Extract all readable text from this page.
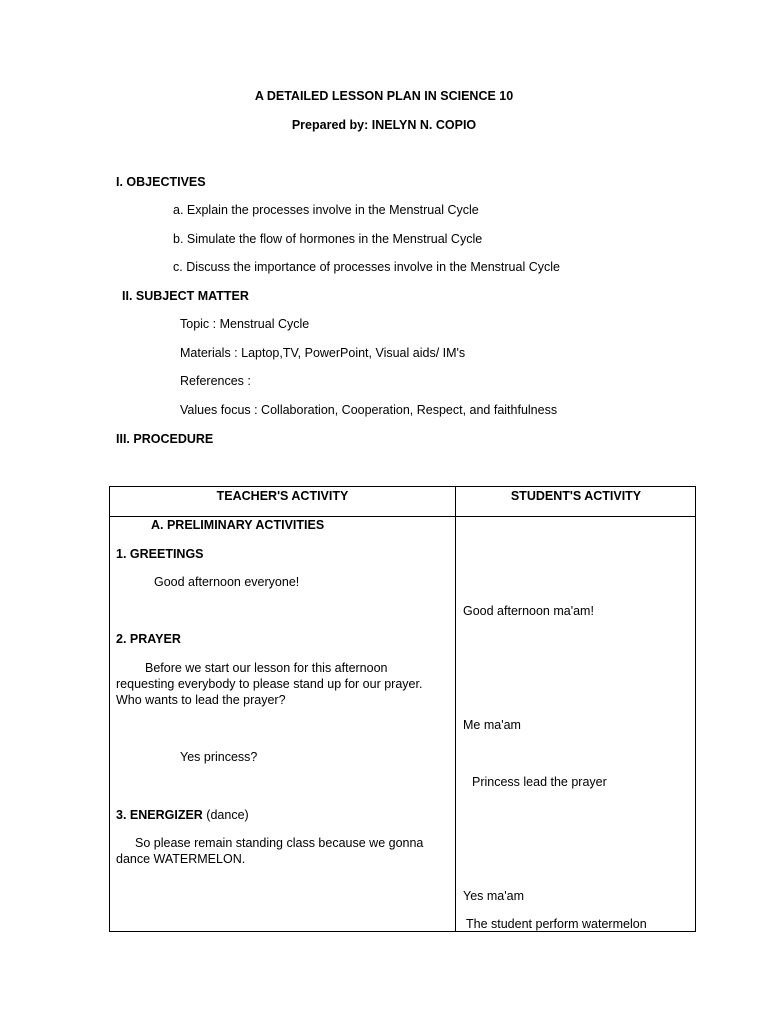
A DETAILED LESSON PLAN IN SCIENCE 10
Prepared by: INELYN N. COPIO
I. OBJECTIVES
a. Explain the processes involve in the Menstrual Cycle
b. Simulate the flow of hormones in the Menstrual Cycle
c. Discuss the importance of processes involve in the Menstrual Cycle
II. SUBJECT MATTER
Topic : Menstrual Cycle
Materials : Laptop,TV, PowerPoint, Visual aids/ IM's
References :
Values focus : Collaboration, Cooperation, Respect, and faithfulness
III. PROCEDURE
TEACHER'S ACTIVITY	STUDENT'S ACTIVITY
A. PRELIMINARY ACTIVITIES
1. GREETINGS
Good afternoon everyone!
Good afternoon ma'am!
2. PRAYER
Before we start our lesson for this afternoon requesting everybody to please stand up for our prayer. Who wants to lead the prayer?
Me ma'am
Yes princess?
Princess lead the prayer
3. ENERGIZER (dance)
So please remain standing class because we gonna dance WATERMELON.
Yes ma'am
The student perform watermelon
